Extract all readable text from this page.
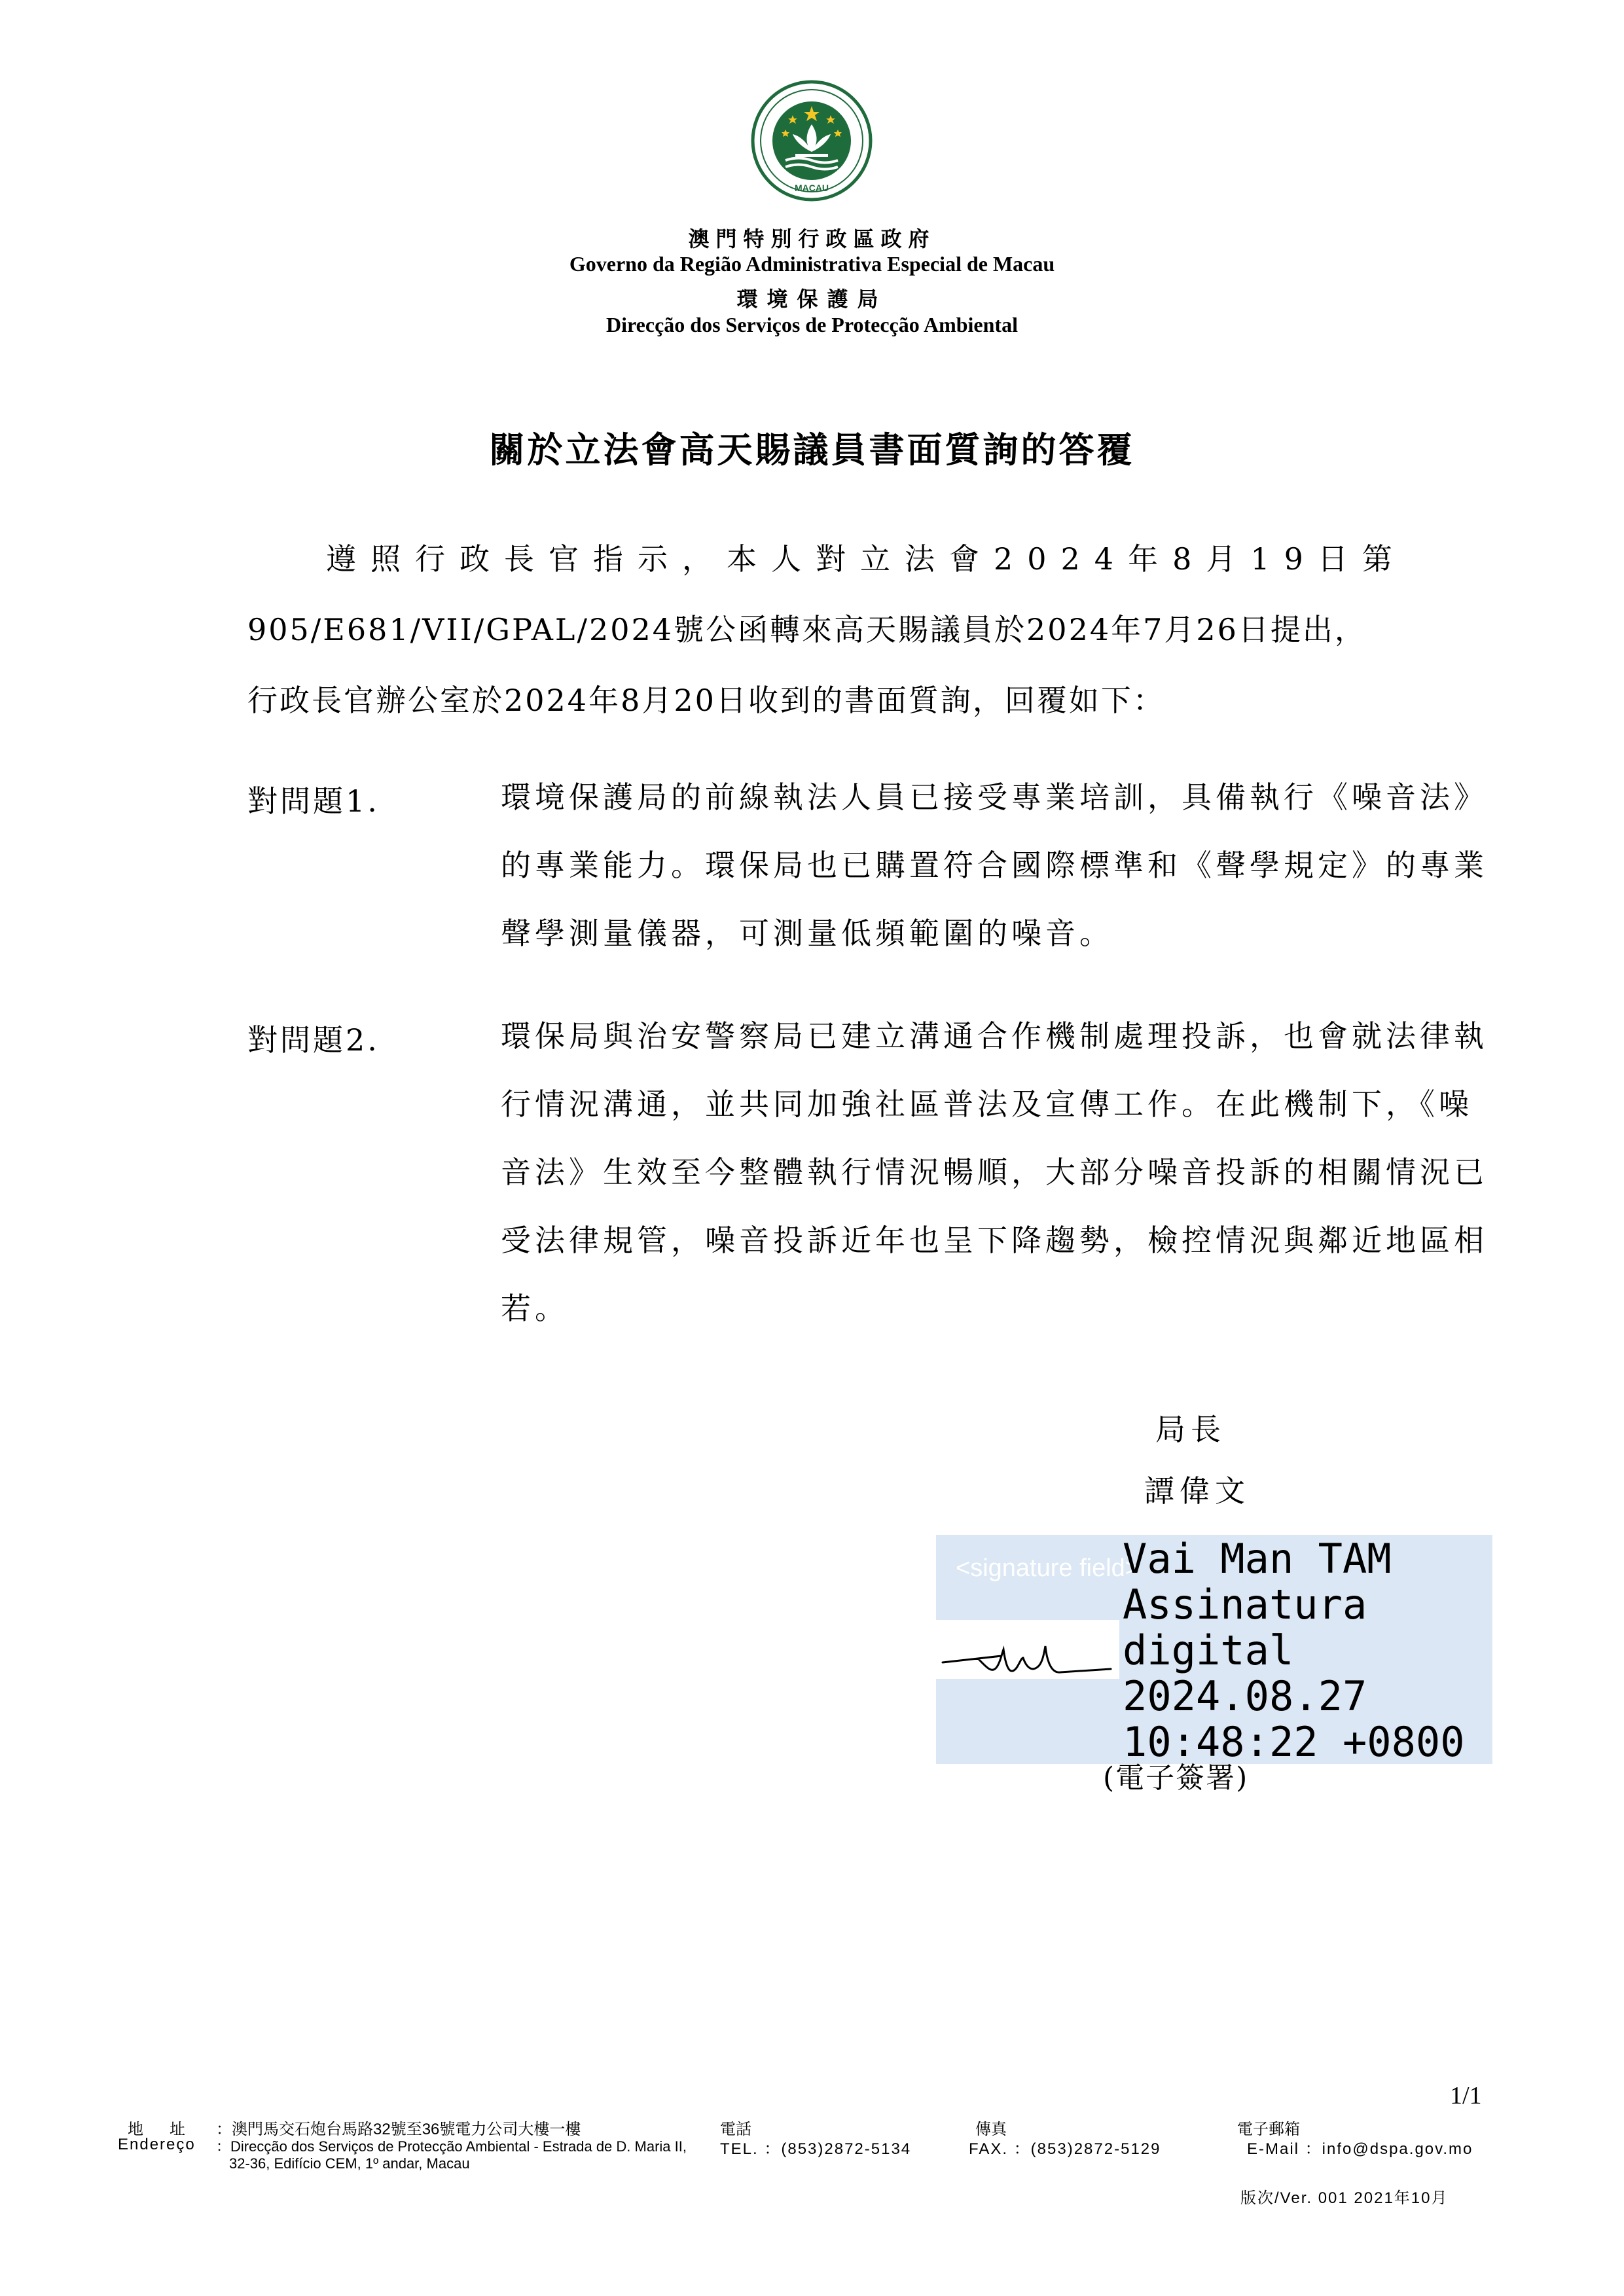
MACAU
澳門特別行政區政府
Governo da Região Administrativa Especial de Macau
環境保護局
Direcção dos Serviços de Protecção Ambiental
關於立法會高天賜議員書面質詢的答覆
遵照行政長官指示，本人對立法會2024年8月19日第
905/E681/VII/GPAL/2024號公函轉來高天賜議員於2024年7月26日提出，
行政長官辦公室於2024年8月20日收到的書面質詢，回覆如下：
對問題1.	環境保護局的前線執法人員已接受專業培訓，具備執行《噪音法》的專業能力。環保局也已購置符合國際標準和《聲學規定》的專業聲學測量儀器，可測量低頻範圍的噪音。
對問題2.	環保局與治安警察局已建立溝通合作機制處理投訴，也會就法律執行情況溝通，並共同加強社區普法及宣傳工作。在此機制下，《噪音法》生效至今整體執行情況暢順，大部分噪音投訴的相關情況已受法律規管，噪音投訴近年也呈下降趨勢，檢控情況與鄰近地區相若。
局長
譚偉文
<signature field>
Vai Man TAM
Assinatura
digital
2024.08.27
10:48:22 +0800
(電子簽署)
1/1
地址
Endereço
：澳門馬交石炮台馬路32號至36號電力公司大樓一樓
：Direcção dos Serviços de Protecção Ambiental - Estrada de D. Maria II,
32-36, Edifício CEM, 1º andar, Macau
電話
TEL. ：(853)2872-5134
傳真
FAX. ：(853)2872-5129
電子郵箱
E-Mail ：info@dspa.gov.mo
版次/Ver. 001 2021年10月
